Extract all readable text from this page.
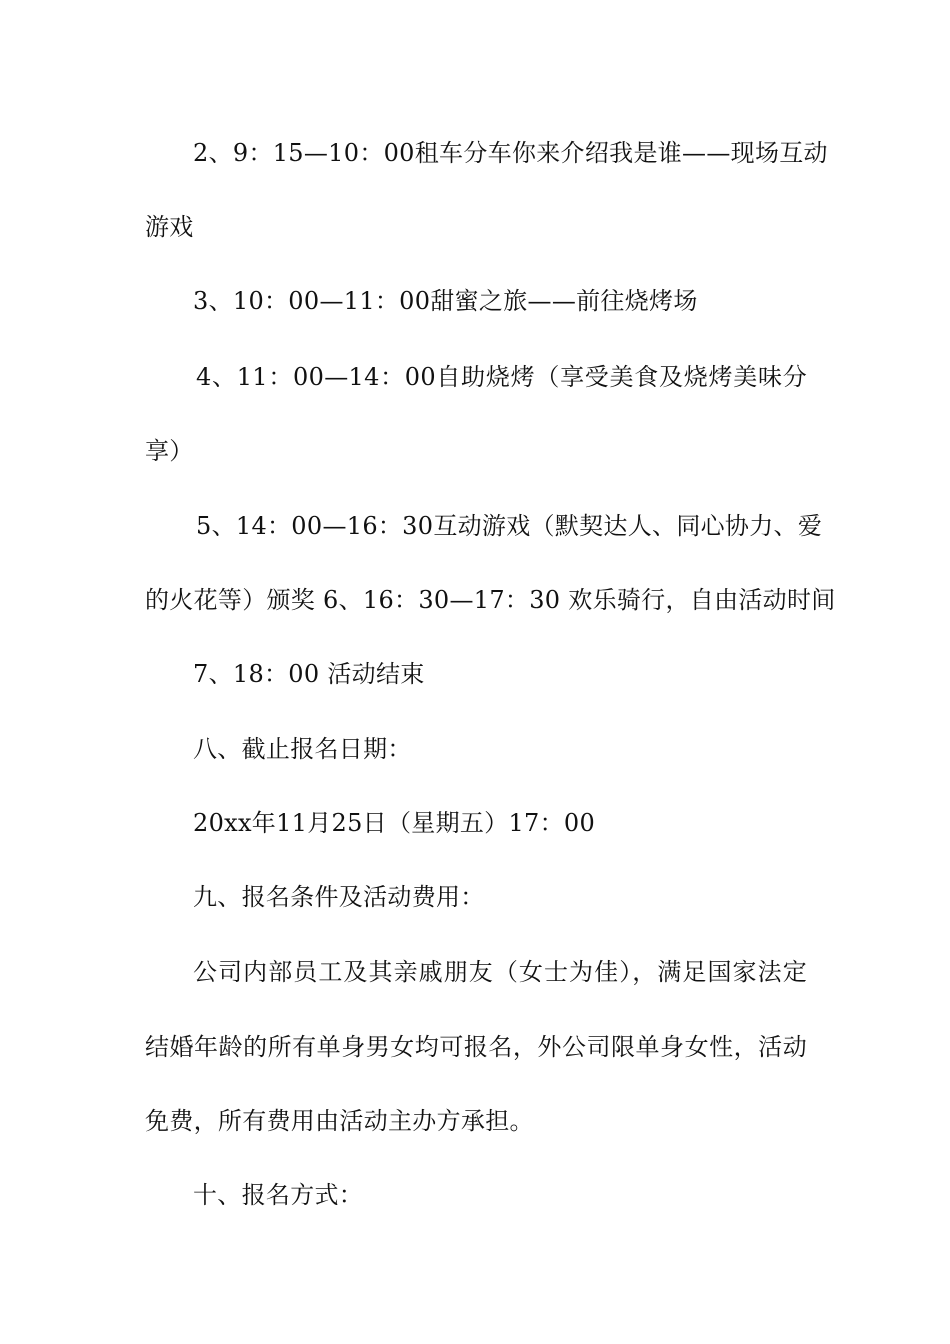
2、9：15—10：00租车分车你来介绍我是谁——现场互动
游戏
3、10：00—11：00甜蜜之旅——前往烧烤场
4、11：00—14：00自助烧烤（享受美食及烧烤美味分
享）
5、14：00—16：30互动游戏（默契达人、同心协力、爱
的火花等）颁奖 6、16：30—17：30 欢乐骑行，自由活动时间
7、18：00 活动结束
八、截止报名日期：
20xx年11月25日（星期五）17：00
九、报名条件及活动费用：
公司内部员工及其亲戚朋友（女士为佳），满足国家法定
结婚年龄的所有单身男女均可报名，外公司限单身女性，活动
免费，所有费用由活动主办方承担。
十、报名方式：
